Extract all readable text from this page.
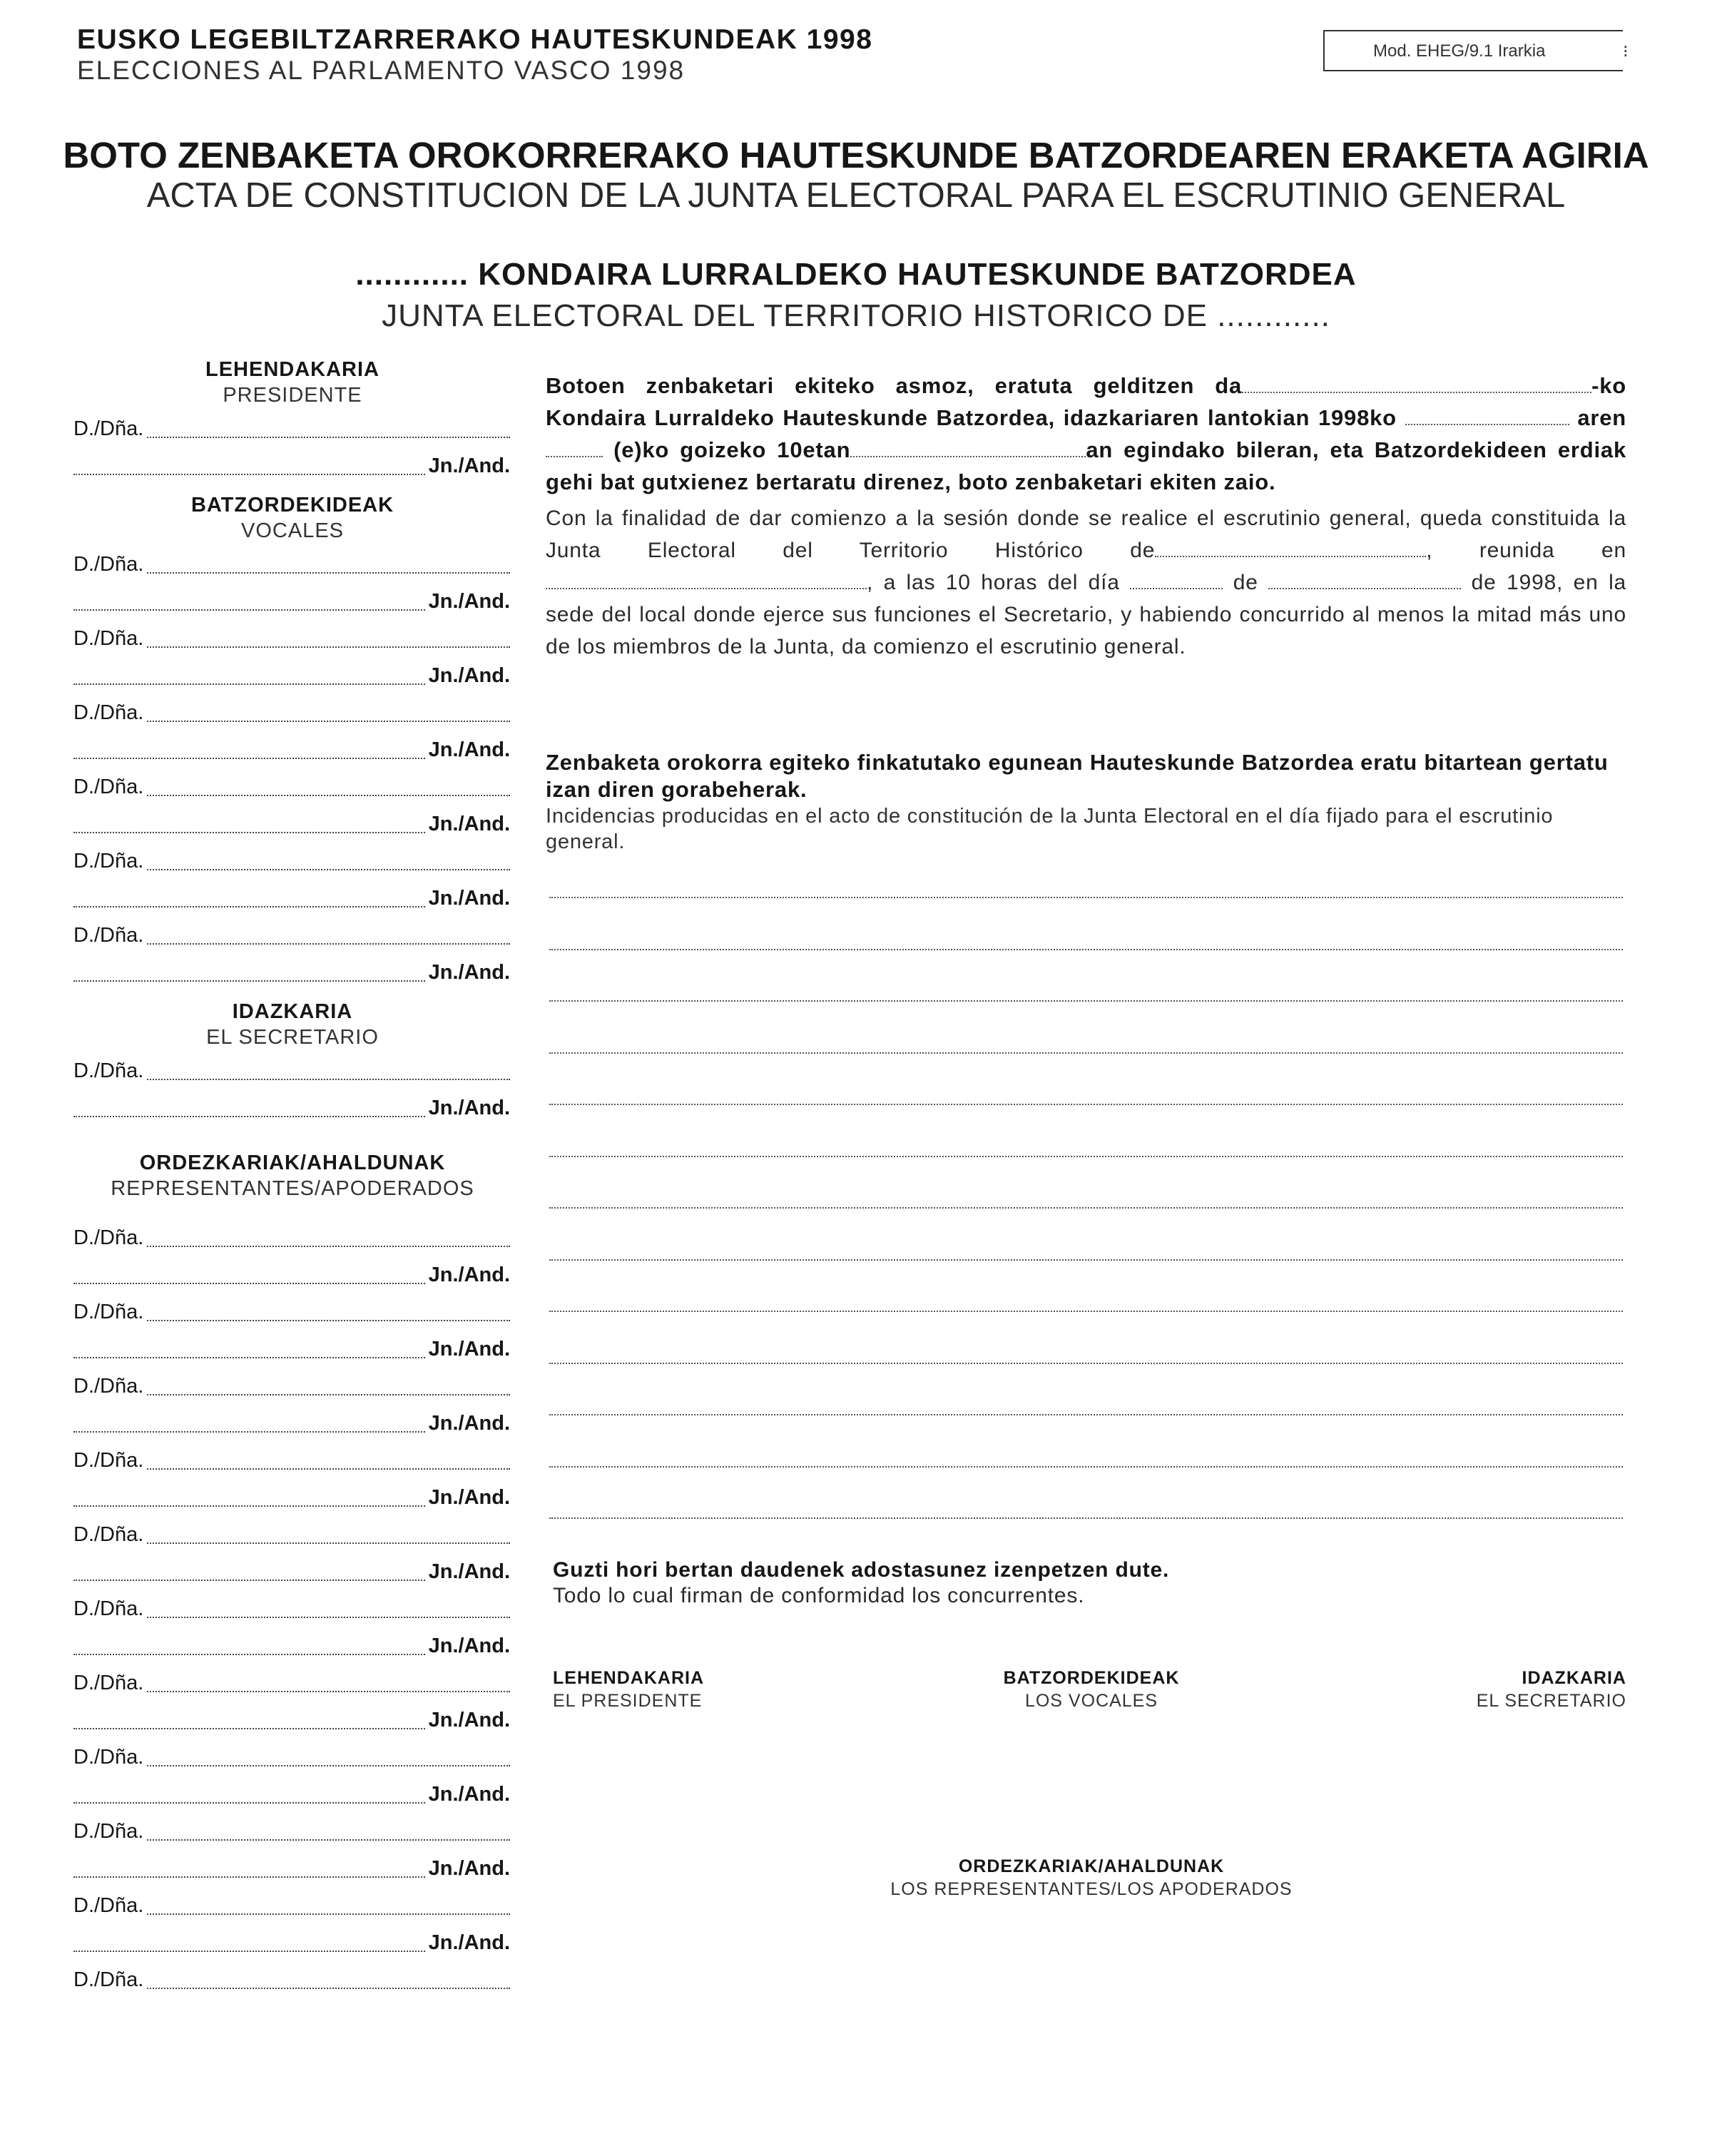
EUSKO LEGEBILTZARRERAKO HAUTESKUNDEAK 1998
ELECCIONES AL PARLAMENTO VASCO 1998
Mod. EHEG/9.1 Irarkia	⁝
BOTO ZENBAKETA OROKORRERAKO HAUTESKUNDE BATZORDEAREN ERAKETA AGIRIA
ACTA DE CONSTITUCION DE LA JUNTA ELECTORAL PARA EL ESCRUTINIO GENERAL
............ KONDAIRA LURRALDEKO HAUTESKUNDE BATZORDEA
JUNTA ELECTORAL DEL TERRITORIO HISTORICO DE ............
LEHENDAKARIA
PRESIDENTE
D./Dña.
Jn./And.
BATZORDEKIDEAK
VOCALES
D./Dña.
Jn./And.
D./Dña.
Jn./And.
D./Dña.
Jn./And.
D./Dña.
Jn./And.
D./Dña.
Jn./And.
D./Dña.
Jn./And.
IDAZKARIA
EL SECRETARIO
D./Dña.
Jn./And.
ORDEZKARIAK/AHALDUNAK
REPRESENTANTES/APODERADOS
D./Dña.
Jn./And.
D./Dña.
Jn./And.
D./Dña.
Jn./And.
D./Dña.
Jn./And.
D./Dña.
Jn./And.
D./Dña.
Jn./And.
D./Dña.
Jn./And.
D./Dña.
Jn./And.
D./Dña.
Jn./And.
D./Dña.
Jn./And.
D./Dña.
Botoen zenbaketari ekiteko asmoz, eratuta gelditzen da	-ko Kondaira Lurraldeko Hauteskunde Batzordea, idazkariaren lantokian 1998ko	aren  (e)ko goizeko 10etan	an egindako bileran, eta Batzordekideen erdiak gehi bat gutxienez bertaratu direnez, boto zenbaketari ekiten zaio.
Con la finalidad de dar comienzo a la sesión donde se realice el escrutinio general, queda constituida la Junta Electoral del Territorio Histórico de	, reunida en , a las 10 horas del día	de	de 1998, en la sede del local donde ejerce sus funciones el Secretario, y habiendo concurrido al menos la mitad más uno de los miembros de la Junta, da comienzo el escrutinio general.
Zenbaketa orokorra egiteko finkatutako egunean Hauteskunde Batzordea eratu bitartean gertatu izan diren gorabeherak.
Incidencias producidas en el acto de constitución de la Junta Electoral en el día fijado para el escrutinio general.
Guzti hori bertan daudenek adostasunez izenpetzen dute.
Todo lo cual firman de conformidad los concurrentes.
LEHENDAKARIA
EL PRESIDENTE
BATZORDEKIDEAK
LOS VOCALES
IDAZKARIA
EL SECRETARIO
ORDEZKARIAK/AHALDUNAK
LOS REPRESENTANTES/LOS APODERADOS
